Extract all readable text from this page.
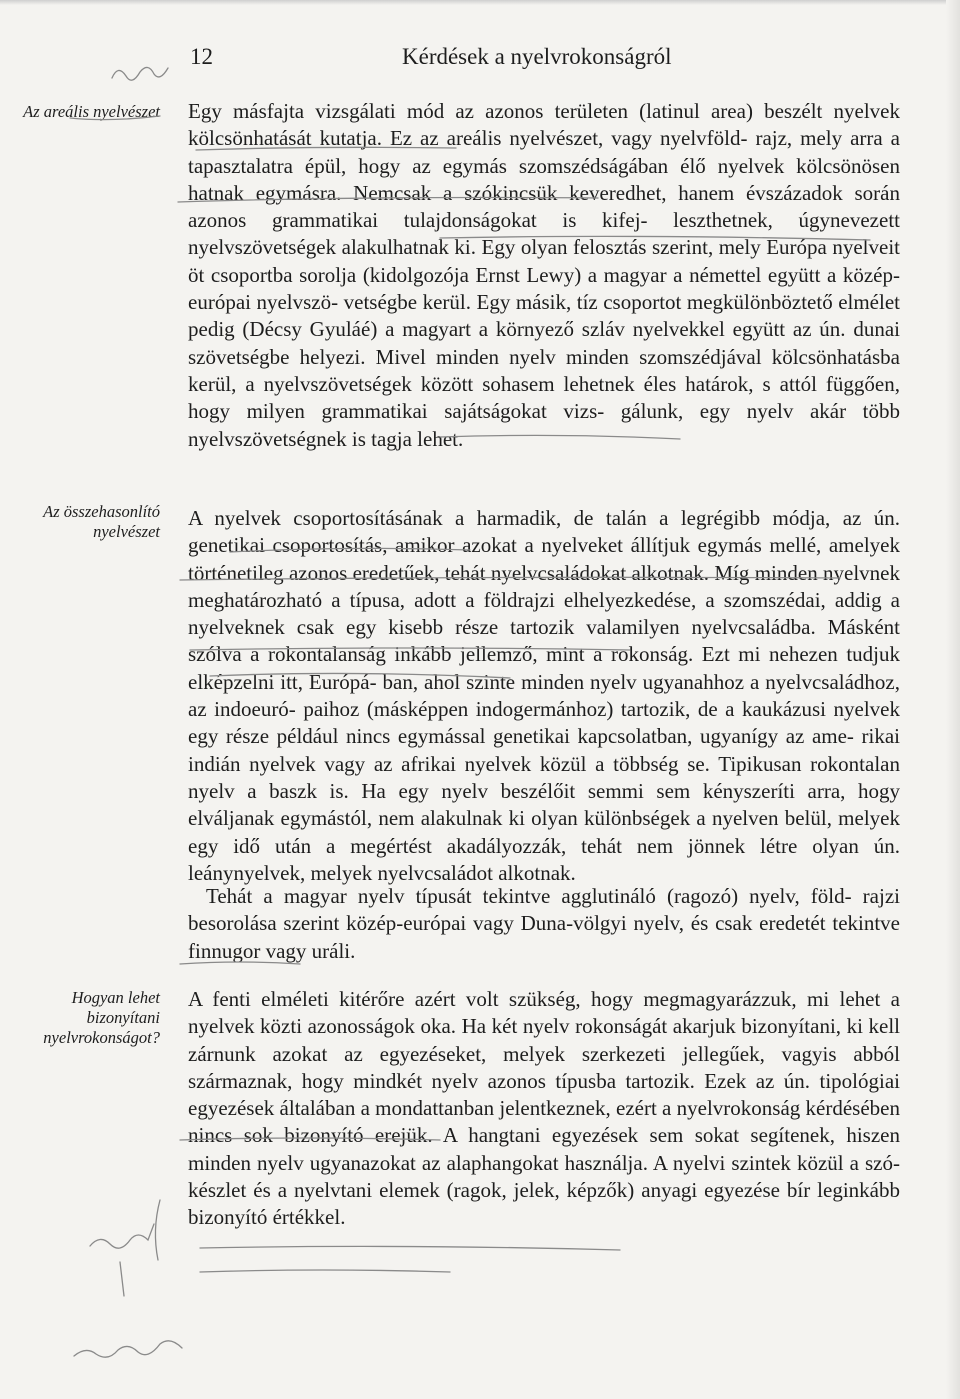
12	Kérdések a nyelvrokonságról
Az areális nyelvészet
Az összehasonlító nyelvészet
Hogyan lehet bizonyítani nyelvrokonságot?
Egy másfajta vizsgálati mód az azonos területen (latinul area) beszélt nyelvek kölcsönhatását kutatja. Ez az areális nyelvészet, vagy nyelvföld- rajz, mely arra a tapasztalatra épül, hogy az egymás szomszédságában élő nyelvek kölcsönösen hatnak egymásra. Nemcsak a szókincsük keveredhet, hanem évszázadok során azonos grammatikai tulajdonságokat is kifej- leszthetnek, úgynevezett nyelvszövetségek alakulhatnak ki. Egy olyan felosztás szerint, mely Európa nyelveit öt csoportba sorolja (kidolgozója Ernst Lewy) a magyar a némettel együtt a közép-európai nyelvszö- vetségbe kerül. Egy másik, tíz csoportot megkülönböztető elmélet pedig (Décsy Gyuláé) a magyart a környező szláv nyelvekkel együtt az ún. dunai szövetségbe helyezi. Mivel minden nyelv minden szomszédjával kölcsönhatásba kerül, a nyelvszövetségek között sohasem lehetnek éles határok, s attól függően, hogy milyen grammatikai sajátságokat vizs- gálunk, egy nyelv akár több nyelvszövetségnek is tagja lehet.
A nyelvek csoportosításának a harmadik, de talán a legrégibb módja, az ún. genetikai csoportosítás, amikor azokat a nyelveket állítjuk egymás mellé, amelyek történetileg azonos eredetűek, tehát nyelvcsaládokat alkotnak. Míg minden nyelvnek meghatározható a típusa, adott a földrajzi elhelyezkedése, a szomszédai, addig a nyelveknek csak egy kisebb része tartozik valamilyen nyelvcsaládba. Másként szólva a rokontalanság inkább jellemző, mint a rokonság. Ezt mi nehezen tudjuk elképzelni itt, Európá- ban, ahol szinte minden nyelv ugyanahhoz a nyelvcsaládhoz, az indoeuró- paihoz (másképpen indogermánhoz) tartozik, de a kaukázusi nyelvek egy része például nincs egymással genetikai kapcsolatban, ugyanígy az ame- rikai indián nyelvek vagy az afrikai nyelvek közül a többség se. Tipikusan rokontalan nyelv a baszk is. Ha egy nyelv beszélőit semmi sem kényszeríti arra, hogy elváljanak egymástól, nem alakulnak ki olyan különbségek a nyelven belül, melyek egy idő után a megértést akadályozzák, tehát nem jönnek létre olyan ún. leánynyelvek, melyek nyelvcsaládot alkotnak.
Tehát a magyar nyelv típusát tekintve agglutináló (ragozó) nyelv, föld- rajzi besorolása szerint közép-európai vagy Duna-völgyi nyelv, és csak eredetét tekintve finnugor vagy uráli.
A fenti elméleti kitérőre azért volt szükség, hogy megmagyarázzuk, mi lehet a nyelvek közti azonosságok oka. Ha két nyelv rokonságát akarjuk bizonyítani, ki kell zárnunk azokat az egyezéseket, melyek szerkezeti jellegűek, vagyis abból származnak, hogy mindkét nyelv azonos típusba tartozik. Ezek az ún. tipológiai egyezések általában a mondattanban jelentkeznek, ezért a nyelvrokonság kérdésében nincs sok bizonyító erejük. A hangtani egyezések sem sokat segítenek, hiszen minden nyelv ugyanazokat az alaphangokat használja. A nyelvi szintek közül a szó- készlet és a nyelvtani elemek (ragok, jelek, képzők) anyagi egyezése bír leginkább bizonyító értékkel.
